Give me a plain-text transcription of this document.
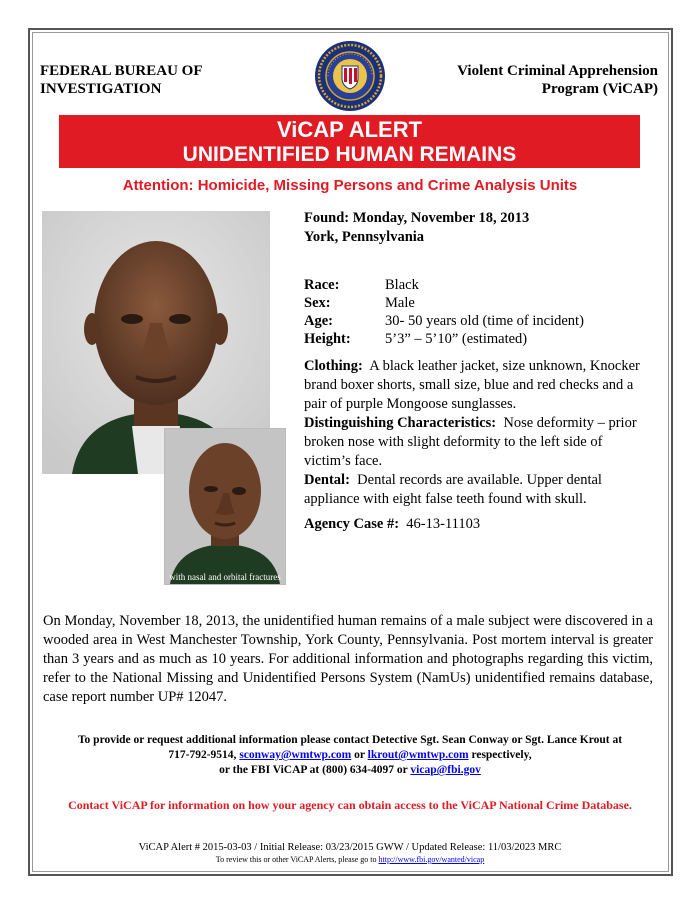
FEDERAL BUREAU OF
INVESTIGATION
Violent Criminal Apprehension
Program (ViCAP)
ViCAP ALERT
UNIDENTIFIED HUMAN REMAINS
Attention: Homicide, Missing Persons and Crime Analysis Units
with nasal and orbital fractures
Found: Monday, November 18, 2013
York, Pennsylvania
Race:	Black
Sex:	Male
Age:	30- 50 years old (time of incident)
Height:	5’3” – 5’10” (estimated)

Clothing: A black leather jacket, size unknown, Knocker brand boxer shorts, small size, blue and red checks and a pair of purple Mongoose sunglasses.

Distinguishing Characteristics: Nose deformity – prior broken nose with slight deformity to the left side of victim’s face.

Dental: Dental records are available. Upper dental appliance with eight false teeth found with skull.

Agency Case #: 46-13-11103

On Monday, November 18, 2013, the unidentified human remains of a male subject were discovered in a wooded area in West Manchester Township, York County, Pennsylvania. Post mortem interval is greater than 3 years and as much as 10 years. For additional information and photographs regarding this victim, refer to the National Missing and Unidentified Persons System (NamUs) unidentified remains database, case report number UP# 12047.
To provide or request additional information please contact Detective Sgt. Sean Conway or Sgt. Lance Krout at
717-792-9514, sconway@wmtwp.com or lkrout@wmtwp.com respectively,
or the FBI ViCAP at (800) 634-4097 or vicap@fbi.gov
Contact ViCAP for information on how your agency can obtain access to the ViCAP National Crime Database.
ViCAP Alert # 2015-03-03 / Initial Release: 03/23/2015 GWW / Updated Release: 11/03/2023 MRC
To review this or other ViCAP Alerts, please go to http://www.fbi.gov/wanted/vicap
